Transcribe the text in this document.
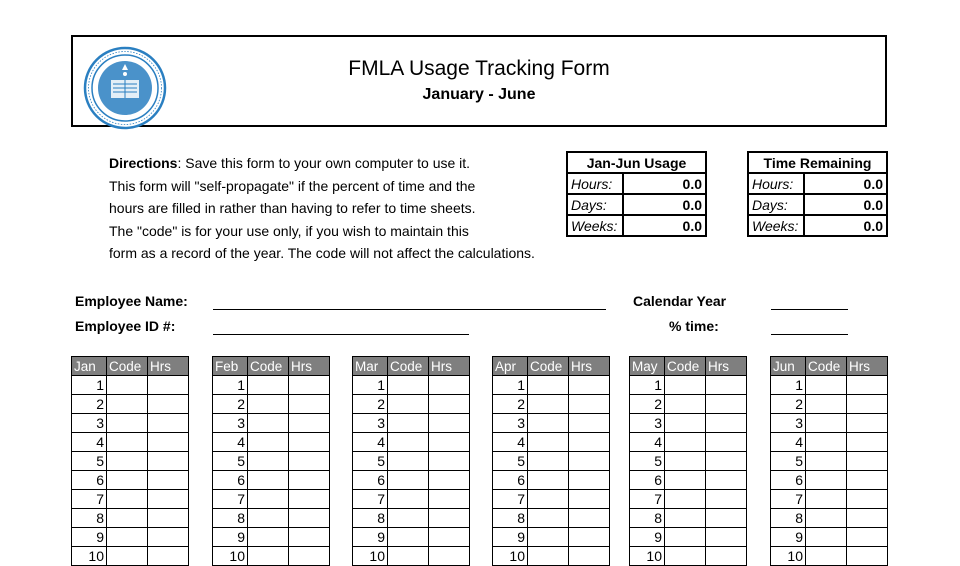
FMLA Usage Tracking Form
January - June
Directions: Save this form to your own computer to use it.
This form will "self-propagate" if the percent of time and the
hours are filled in rather than having to refer to time sheets.
The "code" is for your use only, if you wish to maintain this
form as a record of the year. The code will not affect the calculations.
Jan-Jun Usage	
Hours:	0.0
Days:	0.0
Weeks:	0.0
Time Remaining	
Hours:	0.0
Days:	0.0
Weeks:	0.0
Employee Name:
Employee ID #:
Calendar Year
% time:
Jan	Code	Hrs
1		
2		
3		
4		
5		
6		
7		
8		
9		
10		
Feb	Code	Hrs
1		
2		
3		
4		
5		
6		
7		
8		
9		
10		
Mar	Code	Hrs
1		
2		
3		
4		
5		
6		
7		
8		
9		
10		
Apr	Code	Hrs
1		
2		
3		
4		
5		
6		
7		
8		
9		
10		
May	Code	Hrs
1		
2		
3		
4		
5		
6		
7		
8		
9		
10		
Jun	Code	Hrs
1		
2		
3		
4		
5		
6		
7		
8		
9		
10		
